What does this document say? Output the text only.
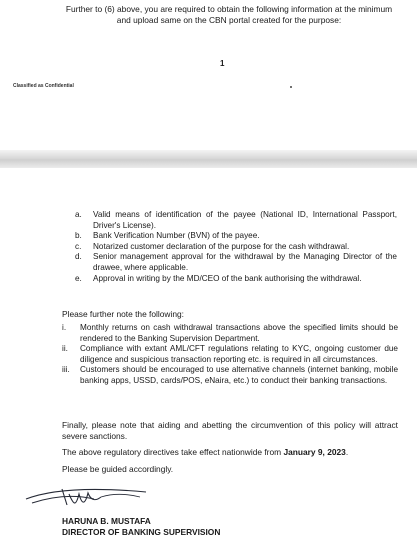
Further to (6) above, you are required to obtain the following information at the minimum and upload same on the CBN portal created for the purpose:
1
Classified as Confidential
a. Valid means of identification of the payee (National ID, International Passport, Driver's License).
b. Bank Verification Number (BVN) of the payee.
c. Notarized customer declaration of the purpose for the cash withdrawal.
d. Senior management approval for the withdrawal by the Managing Director of the drawee, where applicable.
e. Approval in writing by the MD/CEO of the bank authorising the withdrawal.
Please further note the following:
i. Monthly returns on cash withdrawal transactions above the specified limits should be rendered to the Banking Supervision Department.
ii. Compliance with extant AML/CFT regulations relating to KYC, ongoing customer due diligence and suspicious transaction reporting etc. is required in all circumstances.
iii. Customers should be encouraged to use alternative channels (internet banking, mobile banking apps, USSD, cards/POS, eNaira, etc.) to conduct their banking transactions.
Finally, please note that aiding and abetting the circumvention of this policy will attract severe sanctions.
The above regulatory directives take effect nationwide from January 9, 2023.
Please be guided accordingly.
HARUNA B. MUSTAFA
DIRECTOR OF BANKING SUPERVISION
